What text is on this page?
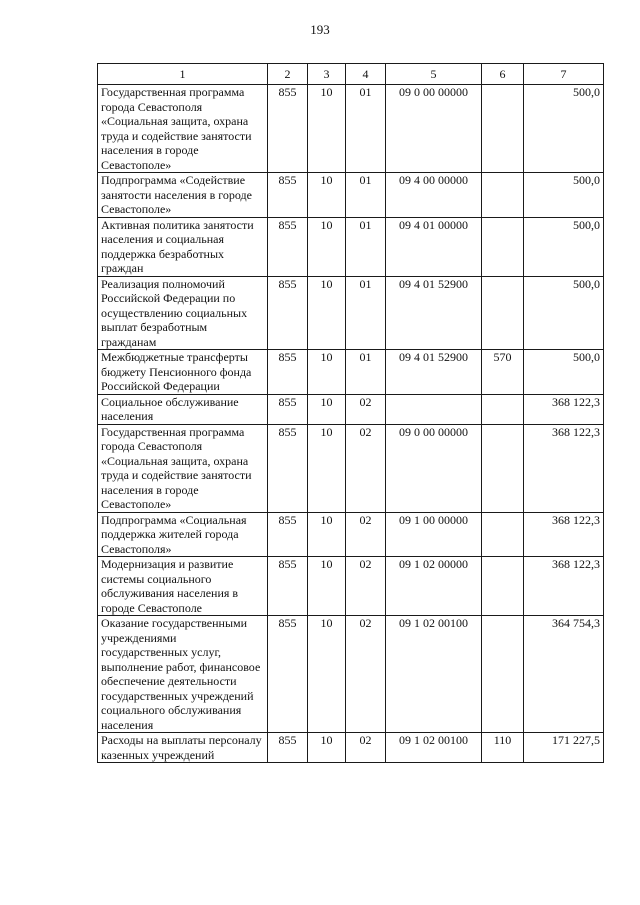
193
1	2	3	4	5	6	7
Государственная программа города Севастополя «Социальная защита, охрана труда и содействие занятости населения в городе Севастополе»	855	10	01	09 0 00 00000		500,0
Подпрограмма «Содействие занятости населения в городе Севастополе»	855	10	01	09 4 00 00000		500,0
Активная политика занятости населения и социальная поддержка безработных граждан	855	10	01	09 4 01 00000		500,0
Реализация полномочий Российской Федерации по осуществлению социальных выплат безработным гражданам	855	10	01	09 4 01 52900		500,0
Межбюджетные трансферты бюджету Пенсионного фонда Российской Федерации	855	10	01	09 4 01 52900	570	500,0
Социальное обслуживание населения	855	10	02			368 122,3
Государственная программа города Севастополя «Социальная защита, охрана труда и содействие занятости населения в городе Севастополе»	855	10	02	09 0 00 00000		368 122,3
Подпрограмма «Социальная поддержка жителей города Севастополя»	855	10	02	09 1 00 00000		368 122,3
Модернизация и развитие системы социального обслуживания населения в городе Севастополе	855	10	02	09 1 02 00000		368 122,3
Оказание государственными учреждениями государственных услуг, выполнение работ, финансовое обеспечение деятельности государственных учреждений социального обслуживания населения	855	10	02	09 1 02 00100		364 754,3
Расходы на выплаты персоналу казенных учреждений	855	10	02	09 1 02 00100	110	171 227,5
